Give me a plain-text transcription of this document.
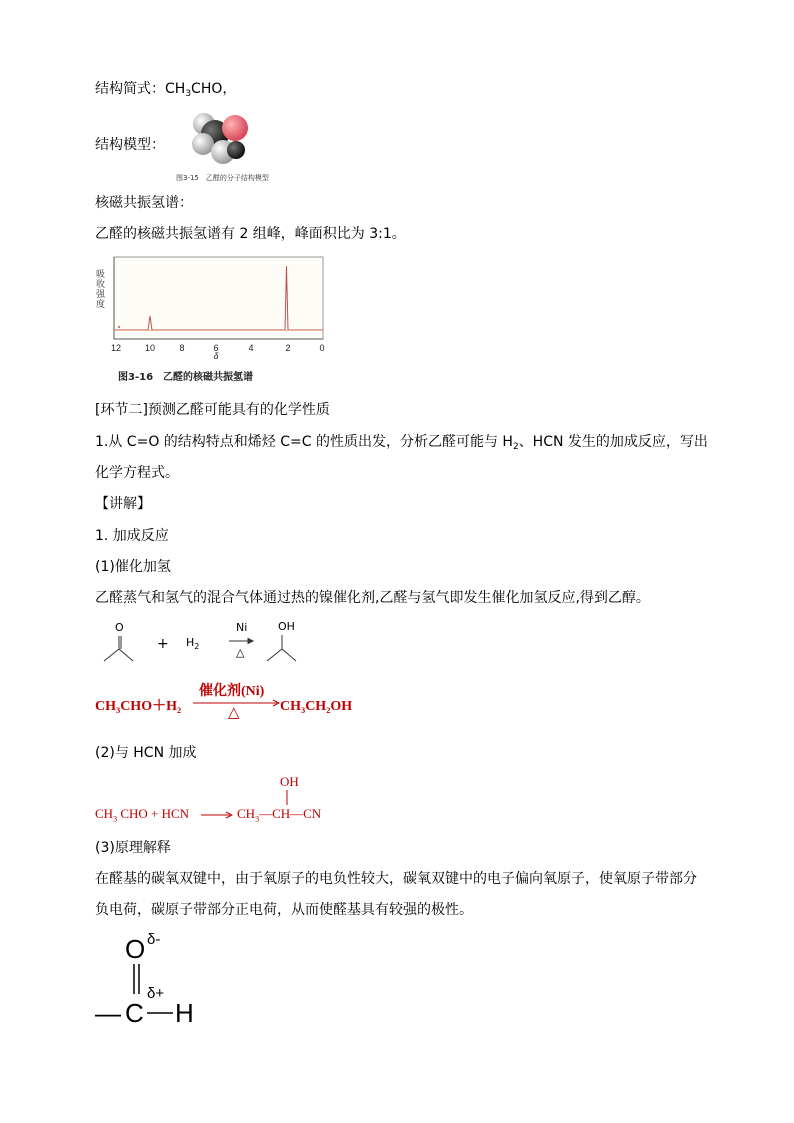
结构简式：$CH_3CHO$，
结构模型：
图3-15　乙醛的分子结构模型
核磁共振氢谱：
乙醛的核磁共振氢谱有 2 组峰，峰面积比为 3:1。
12	10	8	6	4	2	0
δ
吸收强度
图3-16　乙醛的核磁共振氢谱
[环节二]预测乙醛可能具有的化学性质
1.从 C=O 的结构特点和烯烃 C=C 的性质出发，分析乙醛可能与 $H_2$、HCN 发生的加成反应，写出
化学方程式。
【讲解】
1. 加成反应
(1)催化加氢
乙醛蒸气和氢气的混合气体通过热的镍催化剂,乙醛与氢气即发生催化加氢反应,得到乙醇。
O
+ $H_2$
Ni
△
OH
CH₃CHO＋H₂
催化剂(Ni)
△	CH₃CH₂OH
(2)与 HCN 加成
OH
$CH_3$ CHO + HCN	$CH_3—CH—CN$
(3)原理解释
在醛基的碳氧双键中，由于氧原子的电负性较大，碳氧双键中的电子偏向氧原子，使氧原子带部分
负电荷，碳原子带部分正电荷，从而使醛基具有较强的极性。
O δ-
δ+
— C H
